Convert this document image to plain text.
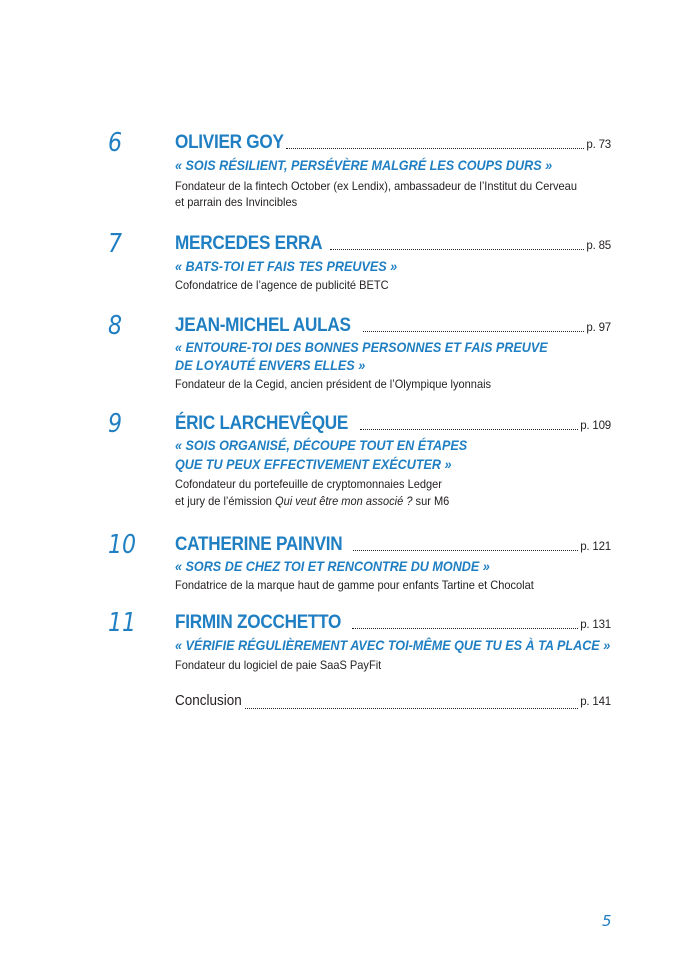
6	OLIVIER GOY	p. 73
« SOIS RÉSILIENT, PERSÉVÈRE MALGRÉ LES COUPS DURS »
Fondateur de la fintech October (ex Lendix), ambassadeur de l’Institut du Cerveau
et parrain des Invincibles
7	MERCEDES ERRA	p. 85
« BATS-TOI ET FAIS TES PREUVES »
Cofondatrice de l’agence de publicité BETC
8	JEAN-MICHEL AULAS	p. 97
« ENTOURE-TOI DES BONNES PERSONNES ET FAIS PREUVE
DE LOYAUTÉ ENVERS ELLES »
Fondateur de la Cegid, ancien président de l’Olympique lyonnais
9	ÉRIC LARCHEVÊQUE	p. 109
« SOIS ORGANISÉ, DÉCOUPE TOUT EN ÉTAPES
QUE TU PEUX EFFECTIVEMENT EXÉCUTER »
Cofondateur du portefeuille de cryptomonnaies Ledger
et jury de l’émission Qui veut être mon associé ? sur M6
10 CATHERINE PAINVIN	p. 121
« SORS DE CHEZ TOI ET RENCONTRE DU MONDE »
Fondatrice de la marque haut de gamme pour enfants Tartine et Chocolat
11 FIRMIN ZOCCHETTO	p. 131
« VÉRIFIE RÉGULIÈREMENT AVEC TOI-MÊME QUE TU ES À TA PLACE »
Fondateur du logiciel de paie SaaS PayFit
Conclusion	p. 141
5
